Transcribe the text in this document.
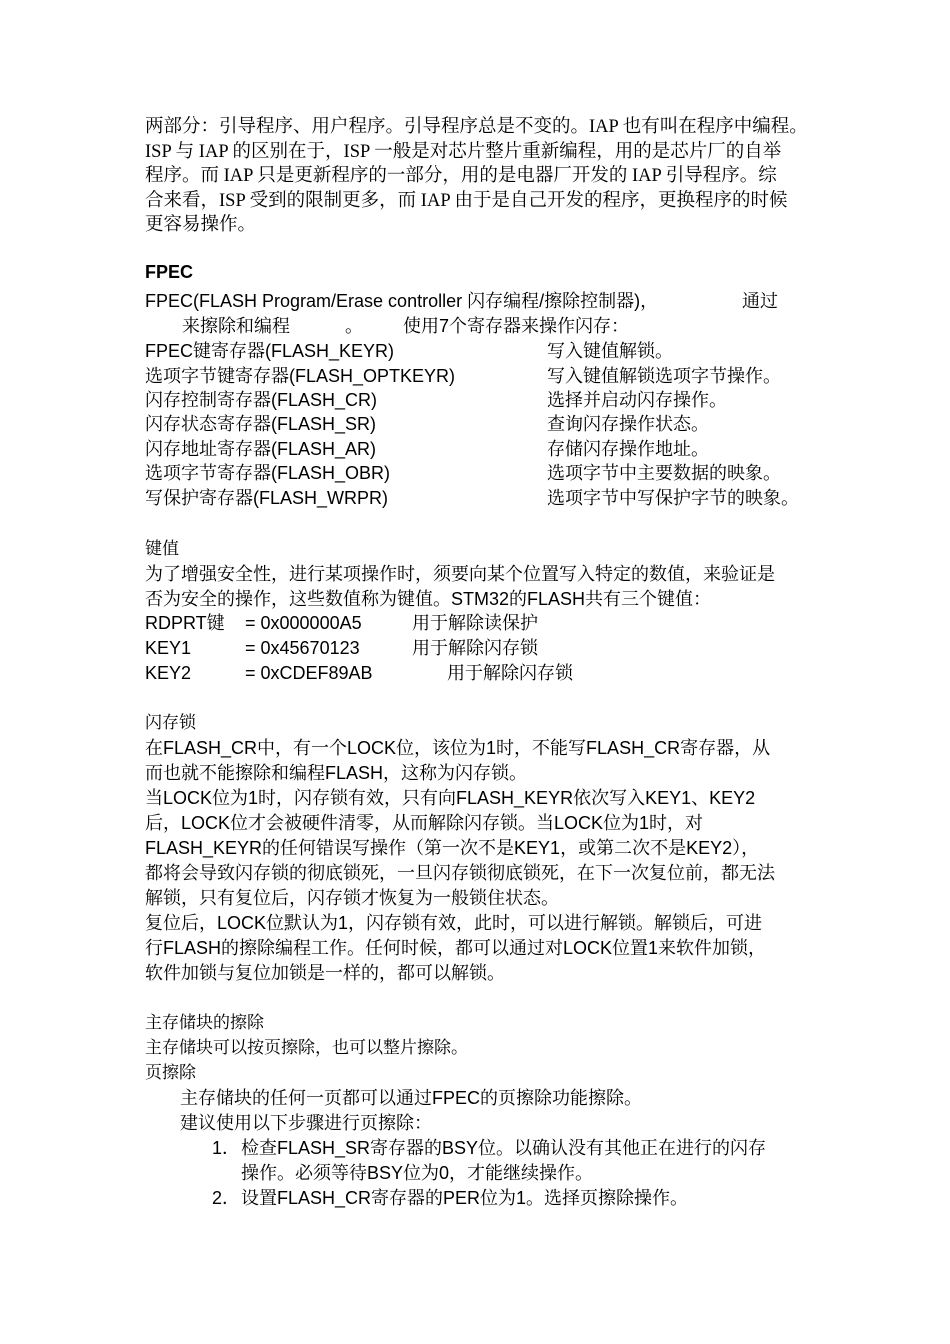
两部分：引导程序、用户程序。引导程序总是不变的。IAP 也有叫在程序中编程。
ISP 与 IAP 的区别在于，ISP 一般是对芯片整片重新编程，用的是芯片厂的自举
程序。而 IAP 只是更新程序的一部分，用的是电器厂开发的 IAP 引导程序。综
合来看，ISP 受到的限制更多，而 IAP 由于是自己开发的程序，更换程序的时候
更容易操作。
FPEC
FPEC(FLASH Program/Erase controller 闪存编程/擦除控制器)，	通过
来擦除和编程	。 使用7个寄存器来操作闪存：
FPEC键寄存器(FLASH_KEYR)	写入键值解锁。
选项字节键寄存器(FLASH_OPTKEYR)	写入键值解锁选项字节操作。
闪存控制寄存器(FLASH_CR)	选择并启动闪存操作。
闪存状态寄存器(FLASH_SR)	查询闪存操作状态。
闪存地址寄存器(FLASH_AR)	存储闪存操作地址。
选项字节寄存器(FLASH_OBR)	选项字节中主要数据的映象。
写保护寄存器(FLASH_WRPR)	选项字节中写保护字节的映象。
键值
为了增强安全性，进行某项操作时，须要向某个位置写入特定的数值，来验证是
否为安全的操作，这些数值称为键值。STM32的FLASH共有三个键值：
RDPRT键 = 0x000000A5	用于解除读保护
KEY1	= 0x45670123	用于解除闪存锁
KEY2	= 0xCDEF89AB	用于解除闪存锁
闪存锁
在FLASH_CR中，有一个LOCK位，该位为1时，不能写FLASH_CR寄存器，从
而也就不能擦除和编程FLASH，这称为闪存锁。
当LOCK位为1时，闪存锁有效，只有向FLASH_KEYR依次写入KEY1、KEY2
后，LOCK位才会被硬件清零，从而解除闪存锁。当LOCK位为1时，对
FLASH_KEYR的任何错误写操作（第一次不是KEY1，或第二次不是KEY2），
都将会导致闪存锁的彻底锁死，一旦闪存锁彻底锁死，在下一次复位前，都无法
解锁，只有复位后，闪存锁才恢复为一般锁住状态。
复位后，LOCK位默认为1，闪存锁有效，此时，可以进行解锁。解锁后，可进
行FLASH的擦除编程工作。任何时候，都可以通过对LOCK位置1来软件加锁，
软件加锁与复位加锁是一样的，都可以解锁。
主存储块的擦除
主存储块可以按页擦除，也可以整片擦除。
页擦除
主存储块的任何一页都可以通过FPEC的页擦除功能擦除。
建议使用以下步骤进行页擦除：
1． 检查FLASH_SR寄存器的BSY位。以确认没有其他正在进行的闪存
操作。必须等待BSY位为0，才能继续操作。
2． 设置FLASH_CR寄存器的PER位为1。选择页擦除操作。
